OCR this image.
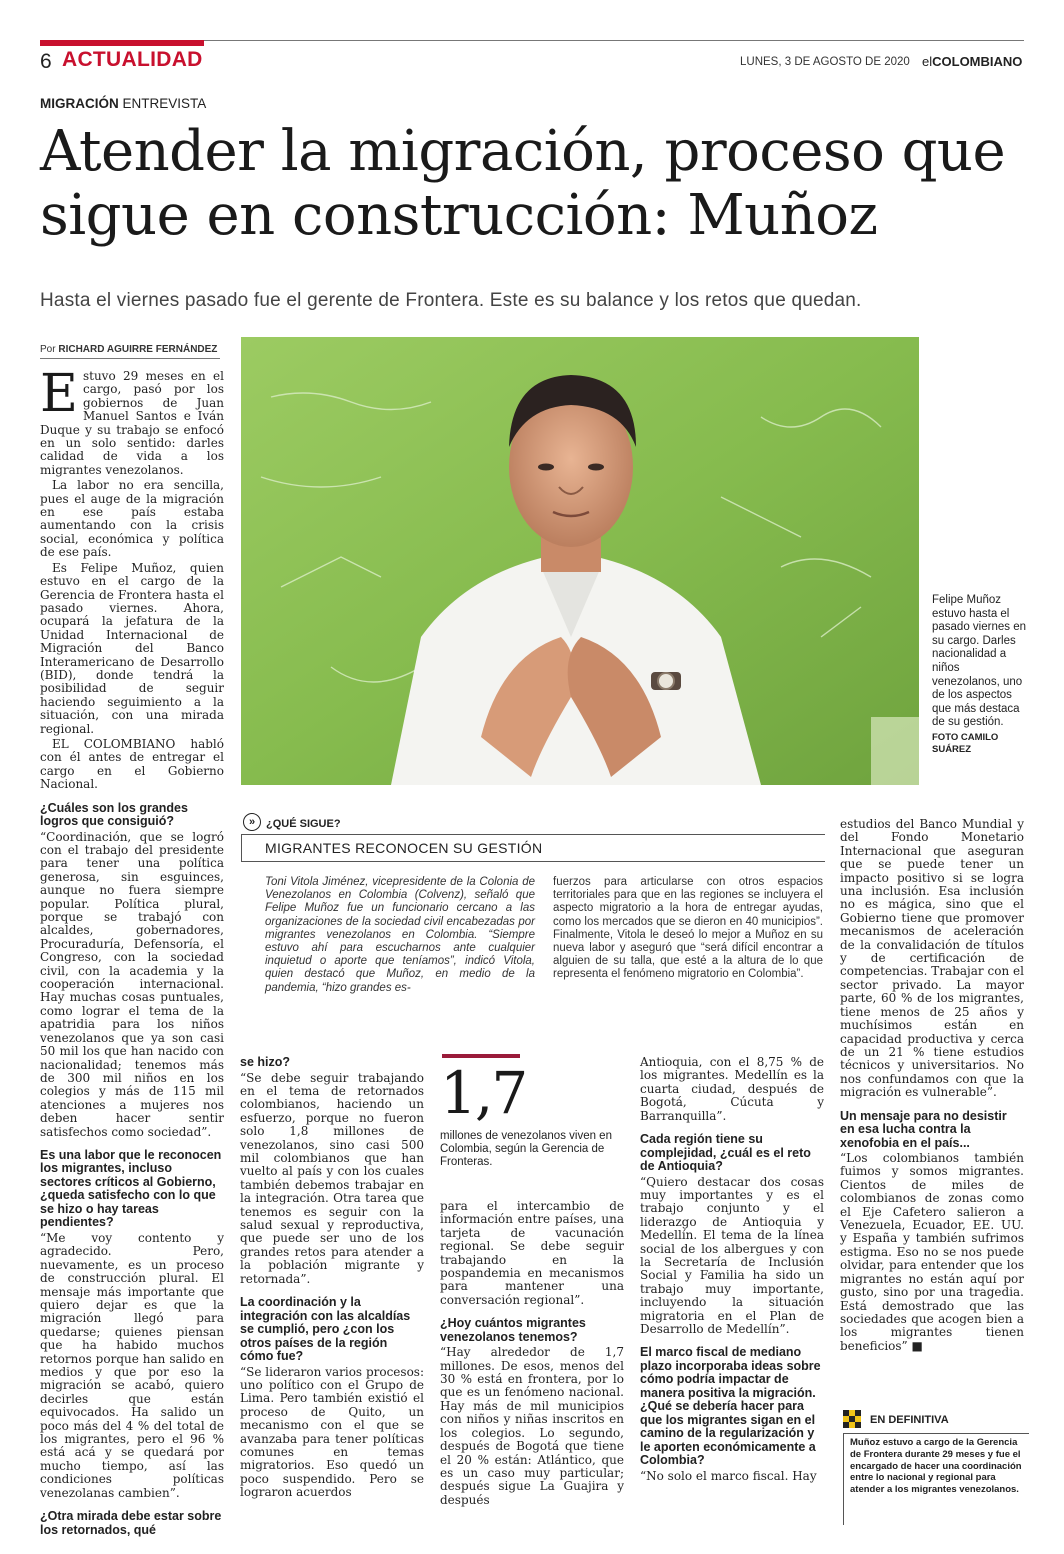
6 ACTUALIDAD	LUNES, 3 DE AGOSTO DE 2020 elCOLOMBIANO
MIGRACIÓN ENTREVISTA
Atender la migración, proceso que
sigue en construcción: Muñoz
Hasta el viernes pasado fue el gerente de Frontera. Este es su balance y los retos que quedan.
Por RICHARD AGUIRRE FERNÁNDEZ

Estuvo 29 meses en el cargo, pasó por los gobiernos de Juan Manuel Santos e Iván Duque y su trabajo se enfocó en un solo sentido: darles calidad de vida a los migrantes venezolanos.

La labor no era sencilla, pues el auge de la migración en ese país estaba aumentando con la crisis social, económica y política de ese país.

Es Felipe Muñoz, quien estuvo en el cargo de la Gerencia de Frontera hasta el pasado viernes. Ahora, ocupará la jefatura de la Unidad Internacional de Migración del Banco Interamericano de Desarrollo (BID), donde tendrá la posibilidad de seguir haciendo seguimiento a la situación, con una mirada regional.

EL COLOMBIANO habló con él antes de entregar el cargo en el Gobierno Nacional.

¿Cuáles son los grandes logros que consiguió?

“Coordinación, que se logró con el trabajo del presidente para tener una política generosa, sin esguinces, aunque no fuera siempre popular. Política plural, porque se trabajó con alcaldes, gobernadores, Procuraduría, Defensoría, el Congreso, con la sociedad civil, con la academia y la cooperación internacional. Hay muchas cosas puntuales, como lograr el tema de la apatridia para los niños venezolanos que ya son casi 50 mil los que han nacido con nacionalidad; tenemos más de 300 mil niños en los colegios y más de 115 mil atenciones a mujeres nos deben hacer sentir satisfechos como sociedad”.

Es una labor que le reconocen los migrantes, incluso sectores críticos al Gobierno, ¿queda satisfecho con lo que se hizo o hay tareas pendientes?

“Me voy contento y agradecido. Pero, nuevamente, es un proceso de construcción plural. El mensaje más importante que quiero dejar es que la migración llegó para quedarse; quienes piensan que ha habido muchos retornos porque han salido en medios y que por eso la migración se acabó, quiero decirles que están equivocados. Ha salido un poco más del 4 % del total de los migrantes, pero el 96 % está acá y se quedará por mucho tiempo, así las condiciones políticas venezolanas cambien”.

¿Otra mirada debe estar sobre los retornados, qué
Felipe Muñoz estuvo hasta el pasado viernes en su cargo. Darles nacionalidad a niños venezolanos, uno de los aspectos que más destaca de su gestión.
FOTO CAMILO SUÁREZ
» ¿QUÉ SIGUE?
MIGRANTES RECONOCEN SU GESTIÓN
Toni Vitola Jiménez, vicepresidente de la Colonia de Venezolanos en Colombia (Colvenz), señaló que Felipe Muñoz fue un funcionario cercano a las organizaciones de la sociedad civil encabezadas por migrantes venezolanos en Colombia. “Siempre estuvo ahí para escucharnos ante cualquier inquietud o aporte que teníamos”, indicó Vitola, quien destacó que Muñoz, en medio de la pandemia, “hizo grandes es-
fuerzos para articularse con otros espacios territoriales para que en las regiones se incluyera el aspecto migratorio a la hora de entregar ayudas, como los mercados que se dieron en 40 municipios”. Finalmente, Vitola le deseó lo mejor a Muñoz en su nueva labor y aseguró que “será difícil encontrar a alguien de su talla, que esté a la altura de lo que representa el fenómeno migratorio en Colombia”.
se hizo?

“Se debe seguir trabajando en el tema de retornados colombianos, haciendo un esfuerzo, porque no fueron solo 1,8 millones de venezolanos, sino casi 500 mil colombianos que han vuelto al país y con los cuales también debemos trabajar en la integración. Otra tarea que tenemos es seguir con la salud sexual y reproductiva, que puede ser uno de los grandes retos para atender a la población migrante y retornada”.

La coordinación y la integración con las alcaldías se cumplió, pero ¿con los otros países de la región cómo fue?

“Se lideraron varios procesos: uno político con el Grupo de Lima. Pero también existió el proceso de Quito, un mecanismo con el que se avanzaba para tener políticas comunes en temas migratorios. Eso quedó un poco suspendido. Pero se lograron acuerdos

1,7
millones de venezolanos viven en Colombia, según la Gerencia de Fronteras.

para el intercambio de información entre países, una tarjeta de vacunación regional. Se debe seguir trabajando en la pospandemia en mecanismos para mantener una conversación regional”.

¿Hoy cuántos migrantes venezolanos tenemos?

“Hay alrededor de 1,7 millones. De esos, menos del 30 % está en frontera, por lo que es un fenómeno nacional. Hay más de mil municipios con niños y niñas inscritos en los colegios. Lo segundo, después de Bogotá que tiene el 20 % están: Atlántico, que es un caso muy particular; después sigue La Guajira y después

Antioquia, con el 8,75 % de los migrantes. Medellín es la cuarta ciudad, después de Bogotá, Cúcuta y Barranquilla”.

Cada región tiene su complejidad, ¿cuál es el reto de Antioquia?

“Quiero destacar dos cosas muy importantes y es el trabajo conjunto y el liderazgo de Antioquia y Medellín. El tema de la línea social de los albergues y con la Secretaría de Inclusión Social y Familia ha sido un trabajo muy importante, incluyendo la situación migratoria en el Plan de Desarrollo de Medellín”.

El marco fiscal de mediano plazo incorporaba ideas sobre cómo podría impactar de manera positiva la migración. ¿Qué se debería hacer para que los migrantes sigan en el camino de la regularización y le aporten económicamente a Colombia?

“No solo el marco fiscal. Hay

estudios del Banco Mundial y del Fondo Monetario Internacional que aseguran que se puede tener un impacto positivo si se logra una inclusión. Esa inclusión no es mágica, sino que el Gobierno tiene que promover mecanismos de aceleración de la convalidación de títulos y de certificación de competencias. Trabajar con el sector privado. La mayor parte, 60 % de los migrantes, tiene menos de 25 años y muchísimos están en capacidad productiva y cerca de un 21 % tiene estudios técnicos y universitarios. No nos confundamos con que la migración es vulnerable”.

Un mensaje para no desistir en esa lucha contra la xenofobia en el país...

“Los colombianos también fuimos y somos migrantes. Cientos de miles de colombianos de zonas como el Eje Cafetero salieron a Venezuela, Ecuador, EE. UU. y España y también sufrimos estigma. Eso no se nos puede olvidar, para entender que los migrantes no están aquí por gusto, sino por una tragedia. Está demostrado que las sociedades que acogen bien a los migrantes tienen beneficios” ■

EN DEFINITIVA
Muñoz estuvo a cargo de la Gerencia de Frontera durante 29 meses y fue el encargado de hacer una coordinación entre lo nacional y regional para atender a los migrantes venezolanos.
